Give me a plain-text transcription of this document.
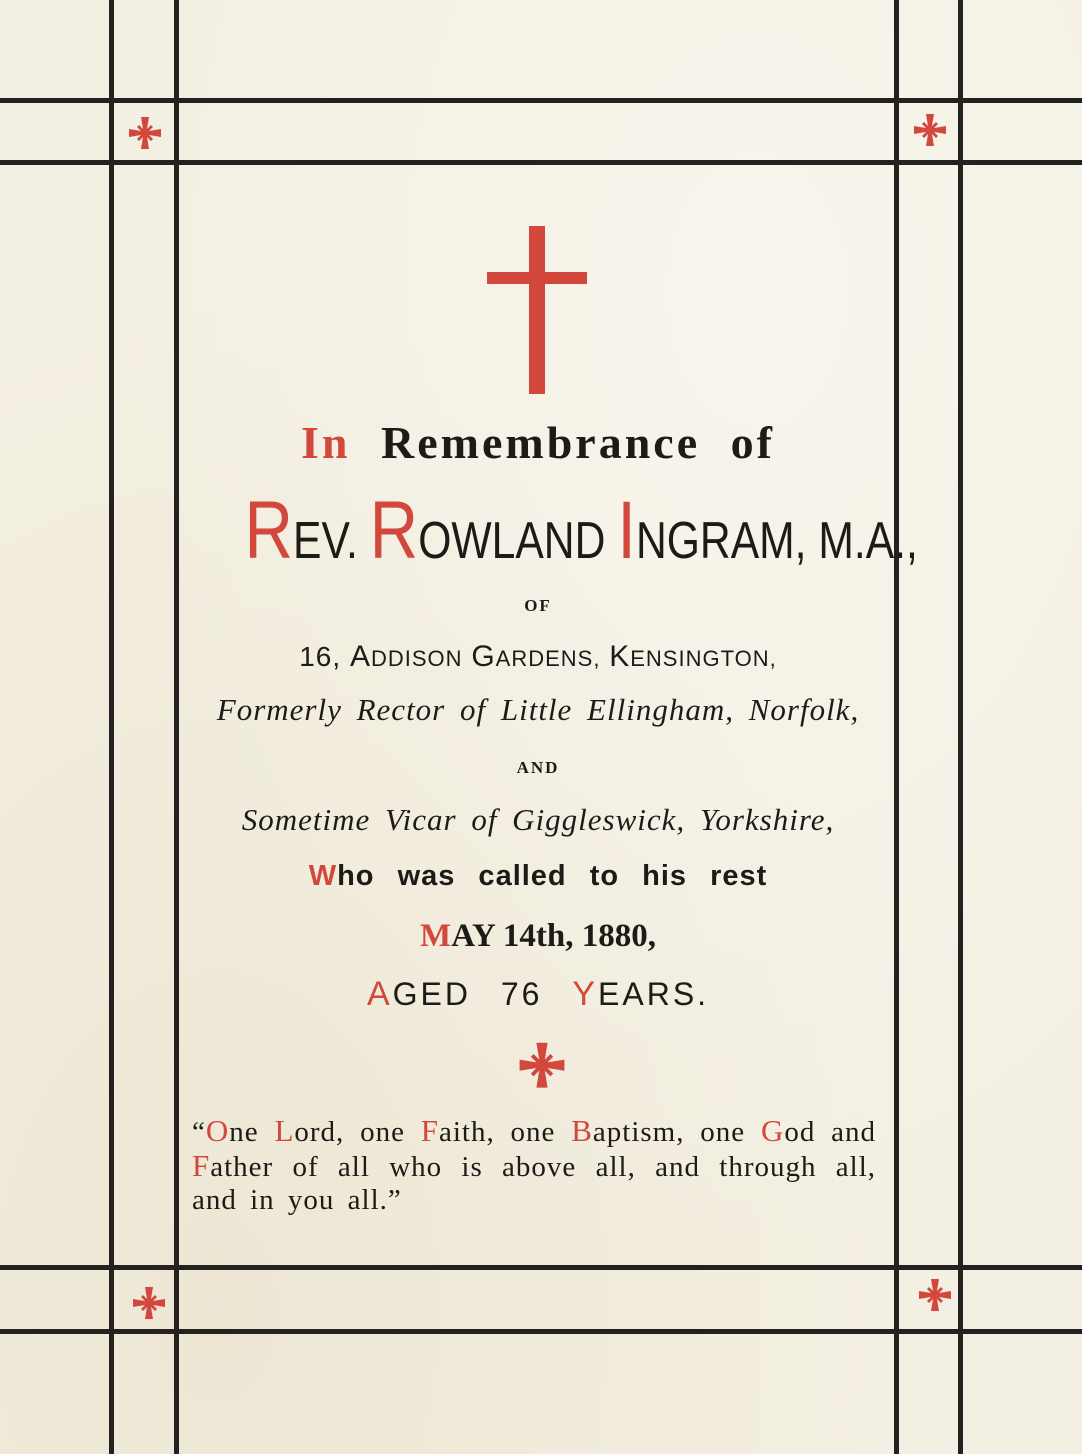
In Remembrance of
REV. ROWLAND INGRAM, M.A.,
OF
16, ADDISON GARDENS, KENSINGTON,
Formerly Rector of Little Ellingham, Norfolk,
AND
Sometime Vicar of Giggleswick, Yorkshire,
Who was called to his rest
MAY 14th, 1880,
AGED 76 YEARS.
“One Lord, one Faith, one Baptism, one God and Father of all who is above all, and through all, and in you all.”
